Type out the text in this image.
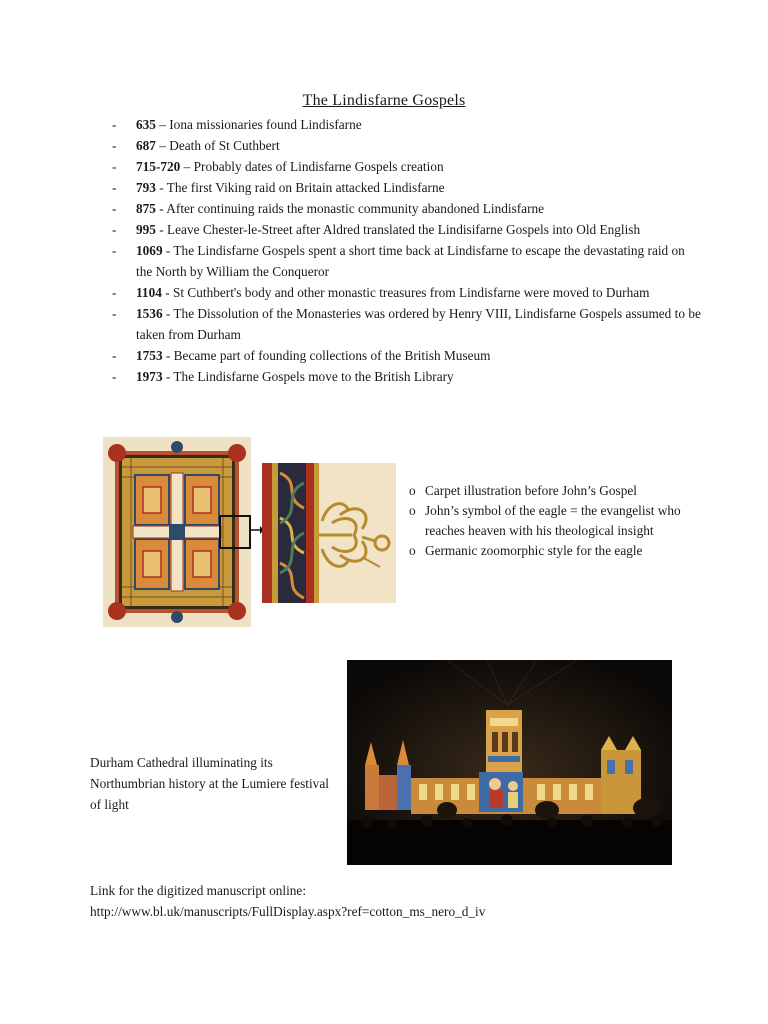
The Lindisfarne Gospels
- 635 – Iona missionaries found Lindisfarne
- 687 – Death of St Cuthbert
- 715-720 – Probably dates of Lindisfarne Gospels creation
- 793 - The first Viking raid on Britain attacked Lindisfarne
- 875 - After continuing raids the monastic community abandoned Lindisfarne
- 995 - Leave Chester-le-Street after Aldred translated the Lindisifarne Gospels into Old English
- 1069 - The Lindisfarne Gospels spent a short time back at Lindisfarne to escape the devastating raid on the North by William the Conqueror
- 1104 - St Cuthbert's body and other monastic treasures from Lindisfarne were moved to Durham
- 1536 - The Dissolution of the Monasteries was ordered by Henry VIII, Lindisfarne Gospels assumed to be taken from Durham
- 1753 - Became part of founding collections of the British Museum
- 1973 - The Lindisfarne Gospels move to the British Library
o Carpet illustration before John’s Gospel
o John’s symbol of the eagle = the evangelist who reaches heaven with his theological insight
o Germanic zoomorphic style for the eagle
Durham Cathedral illuminating its Northumbrian history at the Lumiere festival of light
Link for the digitized manuscript online:
http://www.bl.uk/manuscripts/FullDisplay.aspx?ref=cotton_ms_nero_d_iv
